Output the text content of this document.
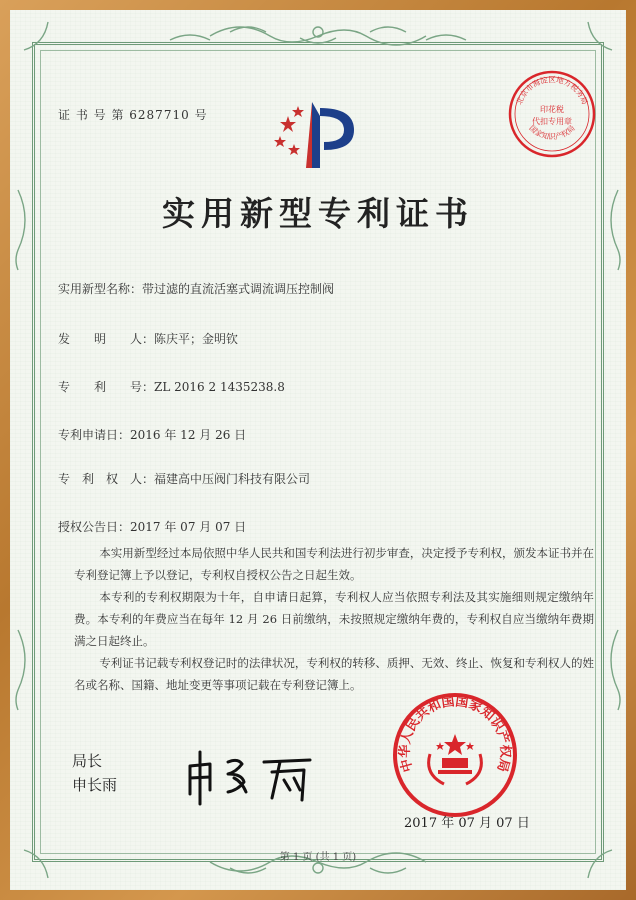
证 书 号 第 6287710 号
北京市海淀区地方税务局
印花税
代扣专用章
国家知识产权局
实用新型专利证书
实用新型名称：带过滤的直流活塞式调流调压控制阀
发　　明　　人：陈庆平；金明钦
专　　利　　号：ZL 2016 2 1435238.8
专利申请日：2016 年 12 月 26 日
专　利　权　人：福建高中压阀门科技有限公司
授权公告日：2017 年 07 月 07 日

本实用新型经过本局依照中华人民共和国专利法进行初步审查，决定授予专利权，颁发本证书并在专利登记簿上予以登记，专利权自授权公告之日起生效。

本专利的专利权期限为十年，自申请日起算，专利权人应当依照专利法及其实施细则规定缴纳年费。本专利的年费应当在每年 12 月 26 日前缴纳，未按照规定缴纳年费的，专利权自应当缴纳年费期满之日起终止。

专利证书记载专利权登记时的法律状况，专利权的转移、质押、无效、终止、恢复和专利权人的姓名或名称、国籍、地址变更等事项记载在专利登记簿上。

局长
申长雨
中华人民共和国国家知识产权局
2017 年 07 月 07 日
第 1 页 (共 1 页)
